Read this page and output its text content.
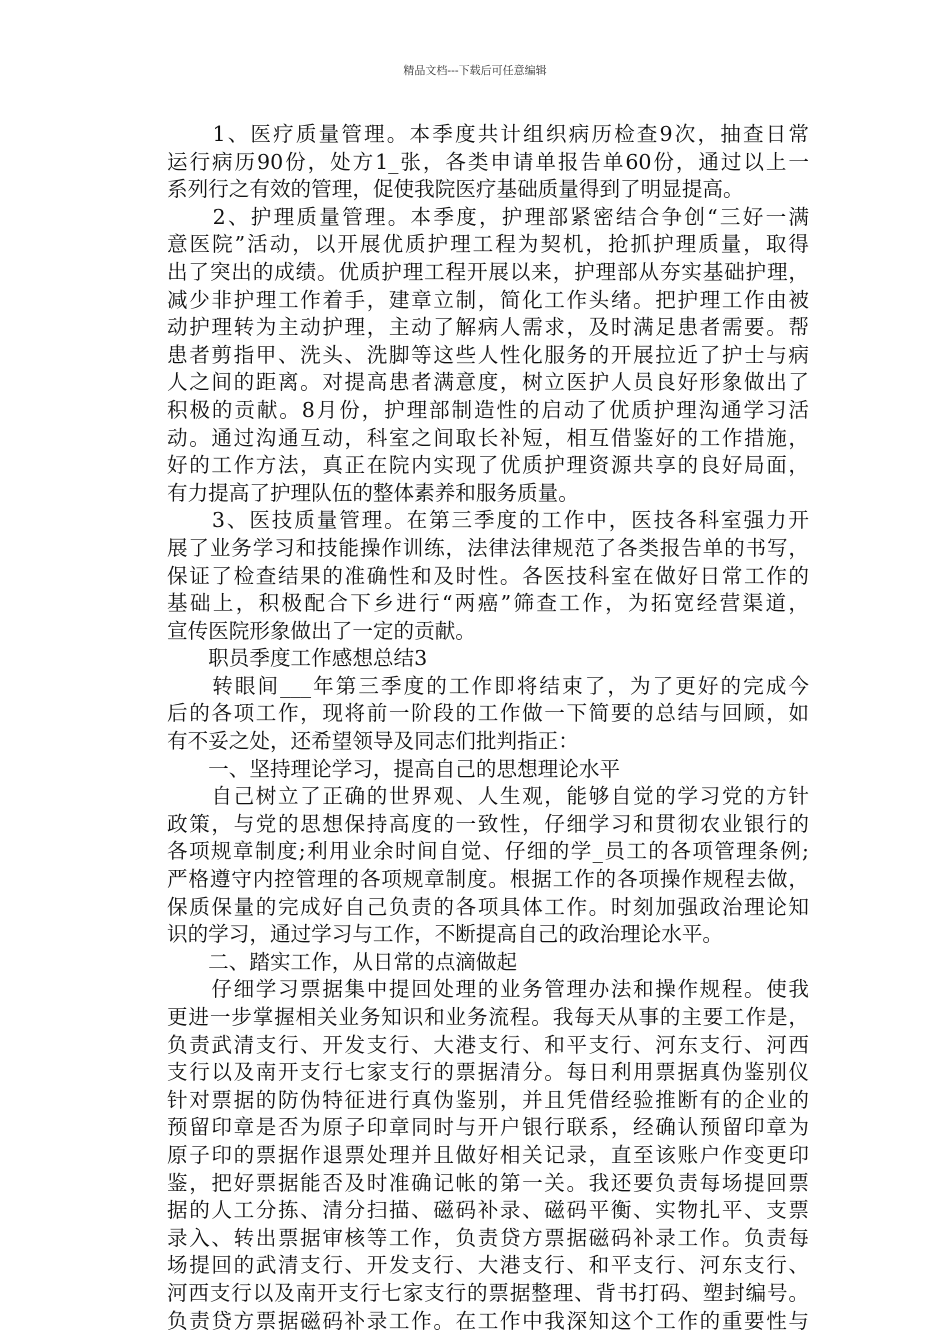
精品文档---下载后可任意编辑
　　1、医疗质量管理。本季度共计组织病历检查9次，抽查日常
运行病历90份，处方1_张，各类申请单报告单60份，通过以上一
系列行之有效的管理，促使我院医疗基础质量得到了明显提高。
　　2、护理质量管理。本季度，护理部紧密结合争创“三好一满
意医院”活动，以开展优质护理工程为契机，抢抓护理质量，取得
出了突出的成绩。优质护理工程开展以来，护理部从夯实基础护理，
减少非护理工作着手，建章立制，简化工作头绪。把护理工作由被
动护理转为主动护理，主动了解病人需求，及时满足患者需要。帮
患者剪指甲、洗头、洗脚等这些人性化服务的开展拉近了护士与病
人之间的距离。对提高患者满意度，树立医护人员良好形象做出了
积极的贡献。8月份，护理部制造性的启动了优质护理沟通学习活
动。通过沟通互动，科室之间取长补短，相互借鉴好的工作措施，
好的工作方法，真正在院内实现了优质护理资源共享的良好局面，
有力提高了护理队伍的整体素养和服务质量。
　　3、医技质量管理。在第三季度的工作中，医技各科室强力开
展了业务学习和技能操作训练，法律法律规范了各类报告单的书写，
保证了检查结果的准确性和及时性。各医技科室在做好日常工作的
基础上，积极配合下乡进行“两癌”筛查工作，为拓宽经营渠道，
宣传医院形象做出了一定的贡献。
　　职员季度工作感想总结3
　　转眼间___年第三季度的工作即将结束了，为了更好的完成今
后的各项工作，现将前一阶段的工作做一下简要的总结与回顾，如
有不妥之处，还希望领导及同志们批判指正：
　　一、坚持理论学习，提高自己的思想理论水平
　　自己树立了正确的世界观、人生观，能够自觉的学习党的方针
政策，与党的思想保持高度的一致性，仔细学习和贯彻农业银行的
各项规章制度;利用业余时间自觉、仔细的学_员工的各项管理条例;
严格遵守内控管理的各项规章制度。根据工作的各项操作规程去做，
保质保量的完成好自己负责的各项具体工作。时刻加强政治理论知
识的学习，通过学习与工作，不断提高自己的政治理论水平。
　　二、踏实工作，从日常的点滴做起
　　仔细学习票据集中提回处理的业务管理办法和操作规程。使我
更进一步掌握相关业务知识和业务流程。我每天从事的主要工作是，
负责武清支行、开发支行、大港支行、和平支行、河东支行、河西
支行以及南开支行七家支行的票据清分。每日利用票据真伪鉴别仪
针对票据的防伪特征进行真伪鉴别，并且凭借经验推断有的企业的
预留印章是否为原子印章同时与开户银行联系，经确认预留印章为
原子印的票据作退票处理并且做好相关记录，直至该账户作变更印
鉴，把好票据能否及时准确记帐的第一关。我还要负责每场提回票
据的人工分拣、清分扫描、磁码补录、磁码平衡、实物扎平、支票
录入、转出票据审核等工作，负责贷方票据磁码补录工作。负责每
场提回的武清支行、开发支行、大港支行、和平支行、河东支行、
河西支行以及南开支行七家支行的票据整理、背书打码、塑封编号。
负责贷方票据磁码补录工作。在工作中我深知这个工作的重要性与
